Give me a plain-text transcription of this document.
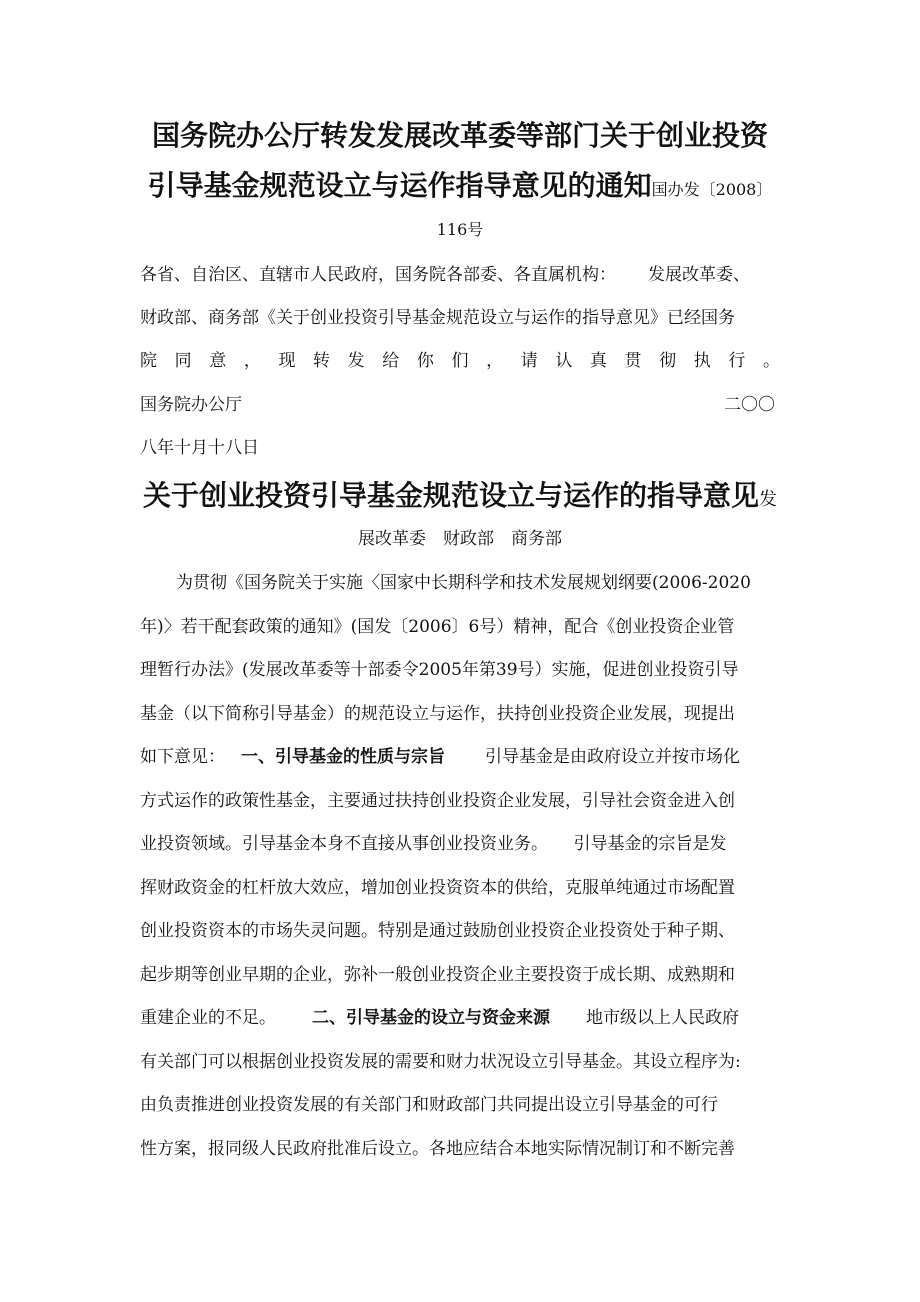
国务院办公厅转发发展改革委等部门关于创业投资
引导基金规范设立与运作指导意见的通知国办发〔2008〕
116号
各省、自治区、直辖市人民政府，国务院各部委、各直属机构： 发展改革委、
财政部、商务部《关于创业投资引导基金规范设立与运作的指导意见》已经国务
院 同 意 ， 现 转 发 给 你 们 ， 请 认 真 贯 彻 执 行 。
国务院办公厅	二〇〇
八年十月十八日
关于创业投资引导基金规范设立与运作的指导意见发
展改革委　财政部　商务部
为贯彻《国务院关于实施〈国家中长期科学和技术发展规划纲要(2006-2020
年)〉若干配套政策的通知》(国发〔2006〕6号）精神，配合《创业投资企业管
理暂行办法》(发展改革委等十部委令2005年第39号）实施，促进创业投资引导
基金（以下简称引导基金）的规范设立与运作，扶持创业投资企业发展，现提出
如下意见： 一、引导基金的性质与宗旨 引导基金是由政府设立并按市场化
方式运作的政策性基金，主要通过扶持创业投资企业发展，引导社会资金进入创
业投资领域。引导基金本身不直接从事创业投资业务。　　引导基金的宗旨是发
挥财政资金的杠杆放大效应，增加创业投资资本的供给，克服单纯通过市场配置
创业投资资本的市场失灵问题。特别是通过鼓励创业投资企业投资处于种子期、
起步期等创业早期的企业，弥补一般创业投资企业主要投资于成长期、成熟期和
重建企业的不足。 二、引导基金的设立与资金来源 地市级以上人民政府
有关部门可以根据创业投资发展的需要和财力状况设立引导基金。其设立程序为:
由负责推进创业投资发展的有关部门和财政部门共同提出设立引导基金的可行
性方案，报同级人民政府批准后设立。各地应结合本地实际情况制订和不断完善
